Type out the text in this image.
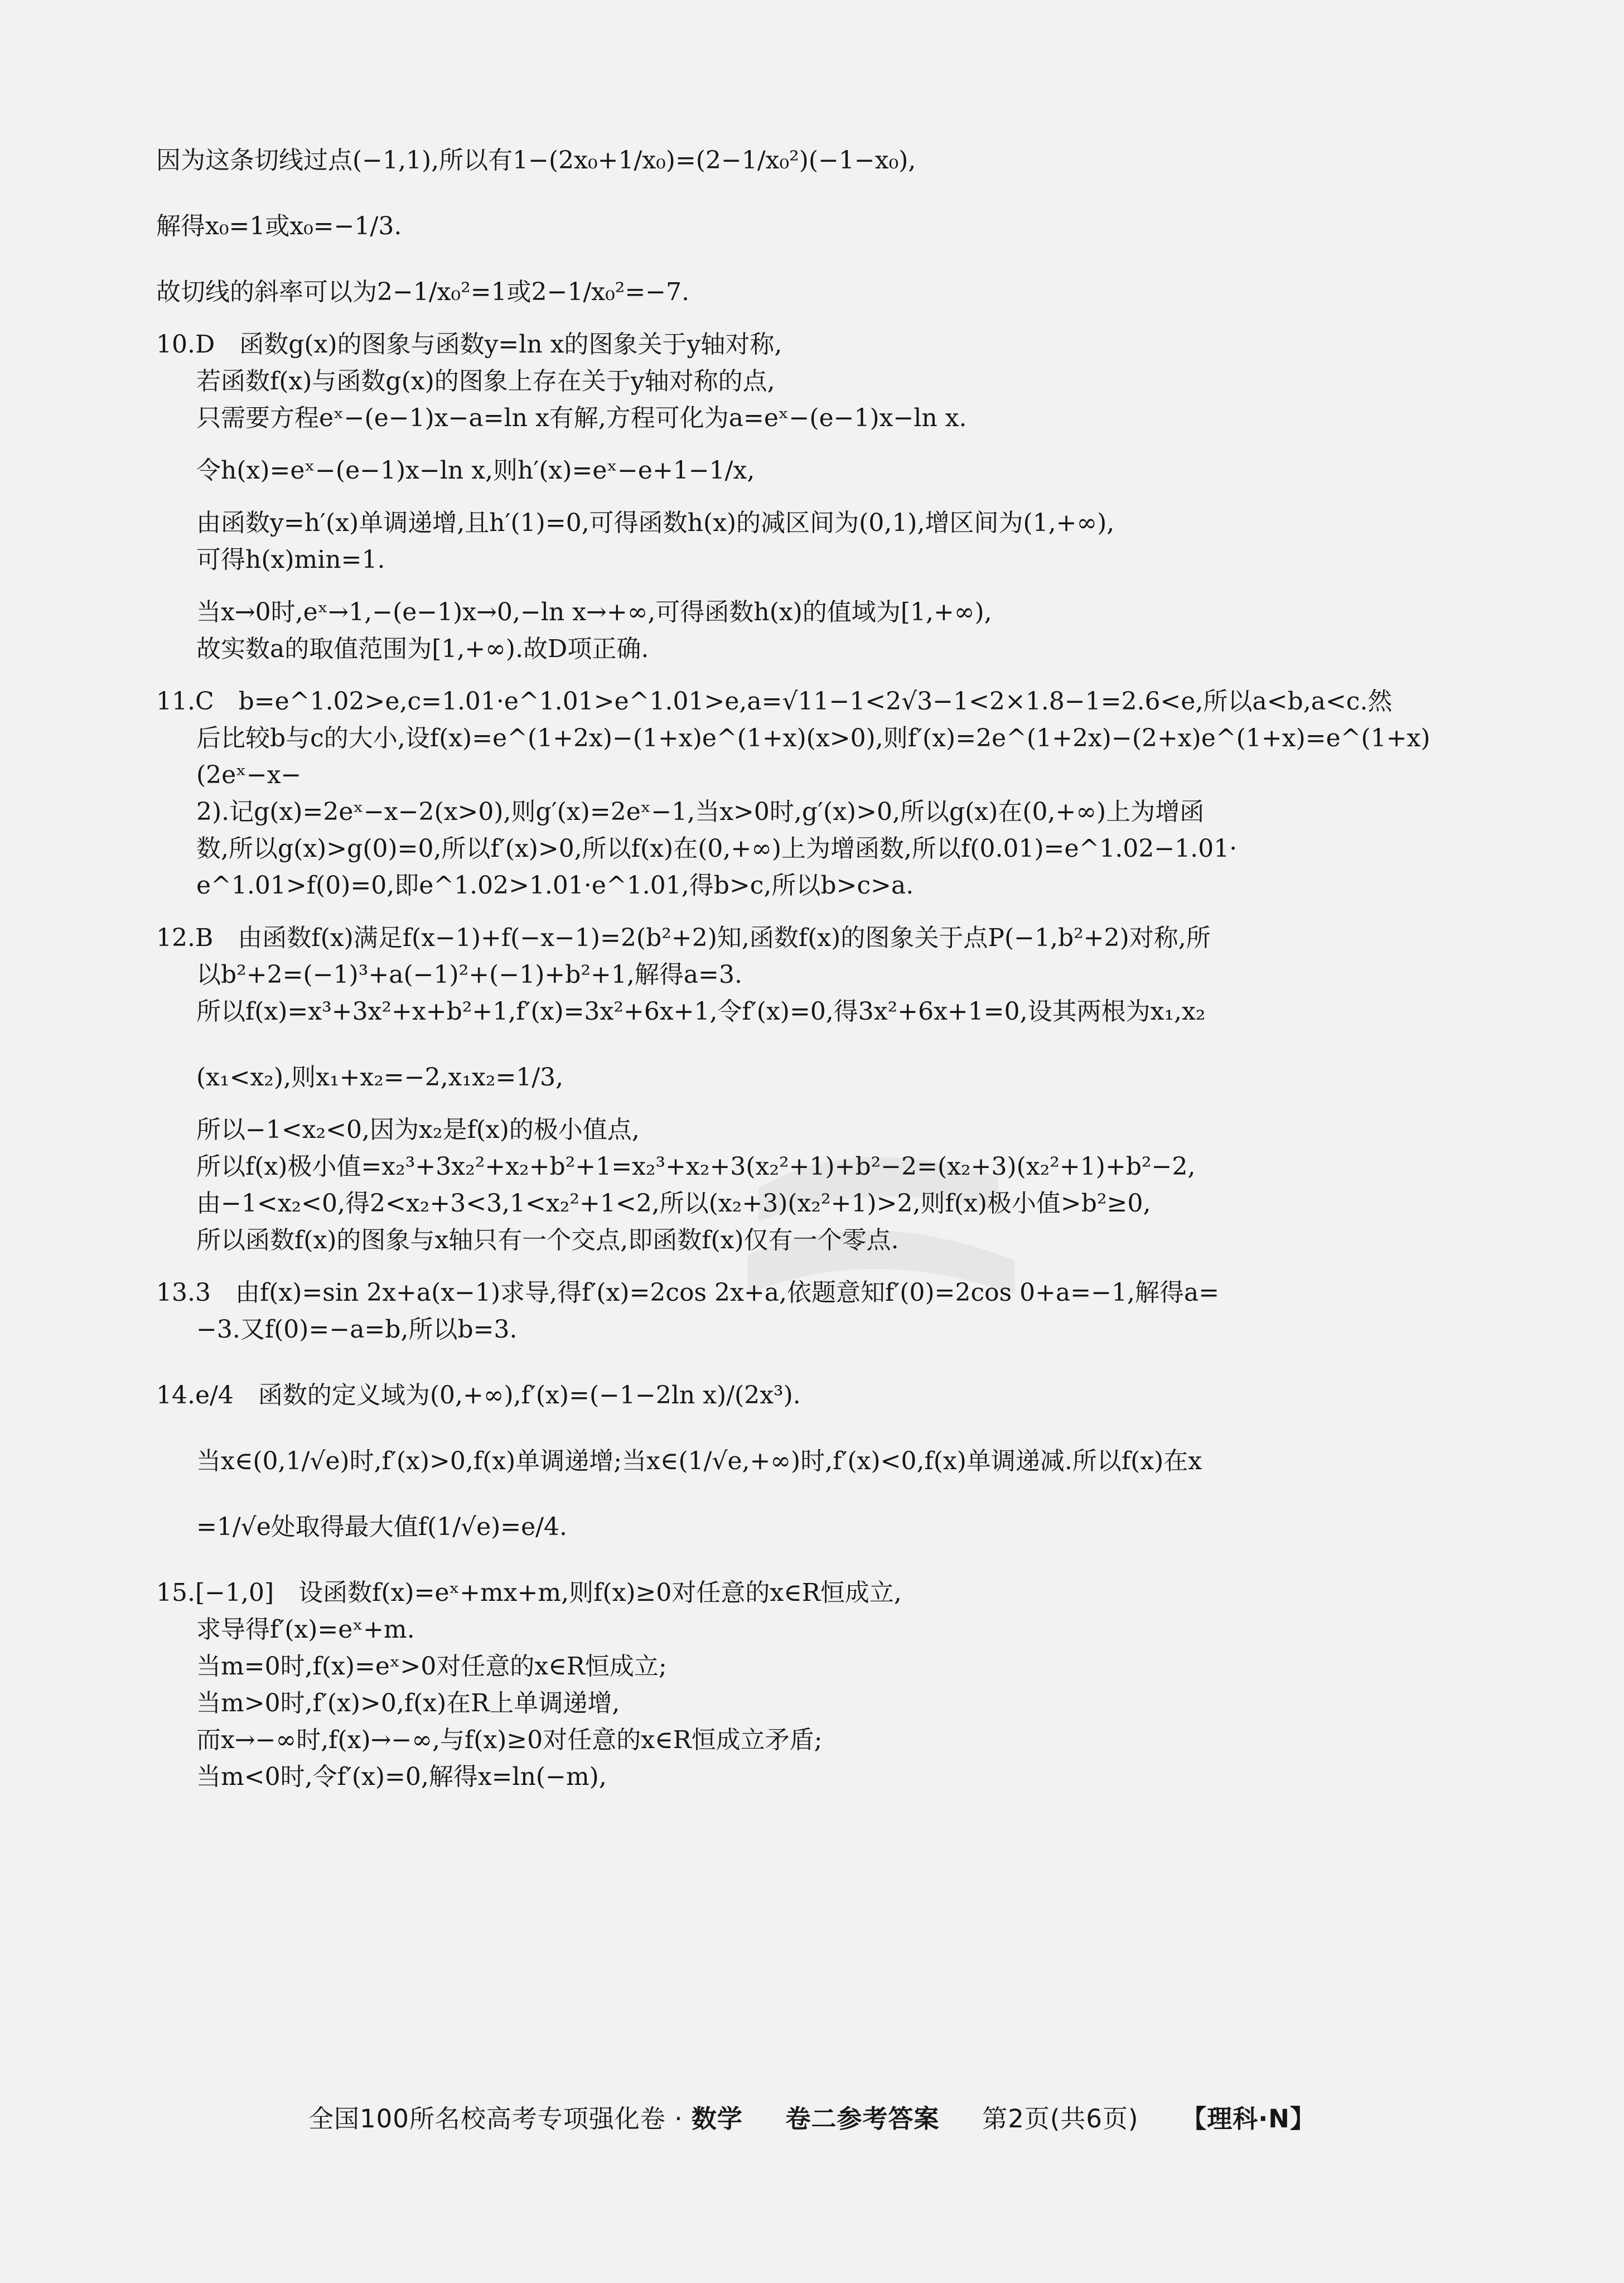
因为这条切线过点(−1,1),所以有1−(2x₀+1/x₀)=(2−1/x₀²)(−1−x₀),

解得x₀=1或x₀=−1/3.

故切线的斜率可以为2−1/x₀²=1或2−1/x₀²=−7.

10.D　函数g(x)的图象与函数y=ln x的图象关于y轴对称,

若函数f(x)与函数g(x)的图象上存在关于y轴对称的点,

只需要方程eˣ−(e−1)x−a=ln x有解,方程可化为a=eˣ−(e−1)x−ln x.

令h(x)=eˣ−(e−1)x−ln x,则h′(x)=eˣ−e+1−1/x,

由函数y=h′(x)单调递增,且h′(1)=0,可得函数h(x)的减区间为(0,1),增区间为(1,+∞),

可得h(x)min=1.

当x→0时,eˣ→1,−(e−1)x→0,−ln x→+∞,可得函数h(x)的值域为[1,+∞),

故实数a的取值范围为[1,+∞).故D项正确.

11.C　b=e^1.02>e,c=1.01·e^1.01>e^1.01>e,a=√11−1<2√3−1<2×1.8−1=2.6<e,所以a<b,a<c.然

后比较b与c的大小,设f(x)=e^(1+2x)−(1+x)e^(1+x)(x>0),则f′(x)=2e^(1+2x)−(2+x)e^(1+x)=e^(1+x)(2eˣ−x−

2).记g(x)=2eˣ−x−2(x>0),则g′(x)=2eˣ−1,当x>0时,g′(x)>0,所以g(x)在(0,+∞)上为增函

数,所以g(x)>g(0)=0,所以f′(x)>0,所以f(x)在(0,+∞)上为增函数,所以f(0.01)=e^1.02−1.01·

e^1.01>f(0)=0,即e^1.02>1.01·e^1.01,得b>c,所以b>c>a.

12.B　由函数f(x)满足f(x−1)+f(−x−1)=2(b²+2)知,函数f(x)的图象关于点P(−1,b²+2)对称,所

以b²+2=(−1)³+a(−1)²+(−1)+b²+1,解得a=3.

所以f(x)=x³+3x²+x+b²+1,f′(x)=3x²+6x+1,令f′(x)=0,得3x²+6x+1=0,设其两根为x₁,x₂

(x₁<x₂),则x₁+x₂=−2,x₁x₂=1/3,

所以−1<x₂<0,因为x₂是f(x)的极小值点,

所以f(x)极小值=x₂³+3x₂²+x₂+b²+1=x₂³+x₂+3(x₂²+1)+b²−2=(x₂+3)(x₂²+1)+b²−2,

由−1<x₂<0,得2<x₂+3<3,1<x₂²+1<2,所以(x₂+3)(x₂²+1)>2,则f(x)极小值>b²≥0,

所以函数f(x)的图象与x轴只有一个交点,即函数f(x)仅有一个零点.

13.3　由f(x)=sin 2x+a(x−1)求导,得f′(x)=2cos 2x+a,依题意知f′(0)=2cos 0+a=−1,解得a=

−3.又f(0)=−a=b,所以b=3.

14.e/4　函数的定义域为(0,+∞),f′(x)=(−1−2ln x)/(2x³).

当x∈(0,1/√e)时,f′(x)>0,f(x)单调递增;当x∈(1/√e,+∞)时,f′(x)<0,f(x)单调递减.所以f(x)在x

=1/√e处取得最大值f(1/√e)=e/4.

15.[−1,0]　设函数f(x)=eˣ+mx+m,则f(x)≥0对任意的x∈R恒成立,

求导得f′(x)=eˣ+m.

当m=0时,f(x)=eˣ>0对任意的x∈R恒成立;

当m>0时,f′(x)>0,f(x)在R上单调递增,

而x→−∞时,f(x)→−∞,与f(x)≥0对任意的x∈R恒成立矛盾;

当m<0时,令f′(x)=0,解得x=ln(−m),

全国100所名校高考专项强化卷 · 数学 　 卷二参考答案 　 第2页(共6页) 　 【理科·N】
